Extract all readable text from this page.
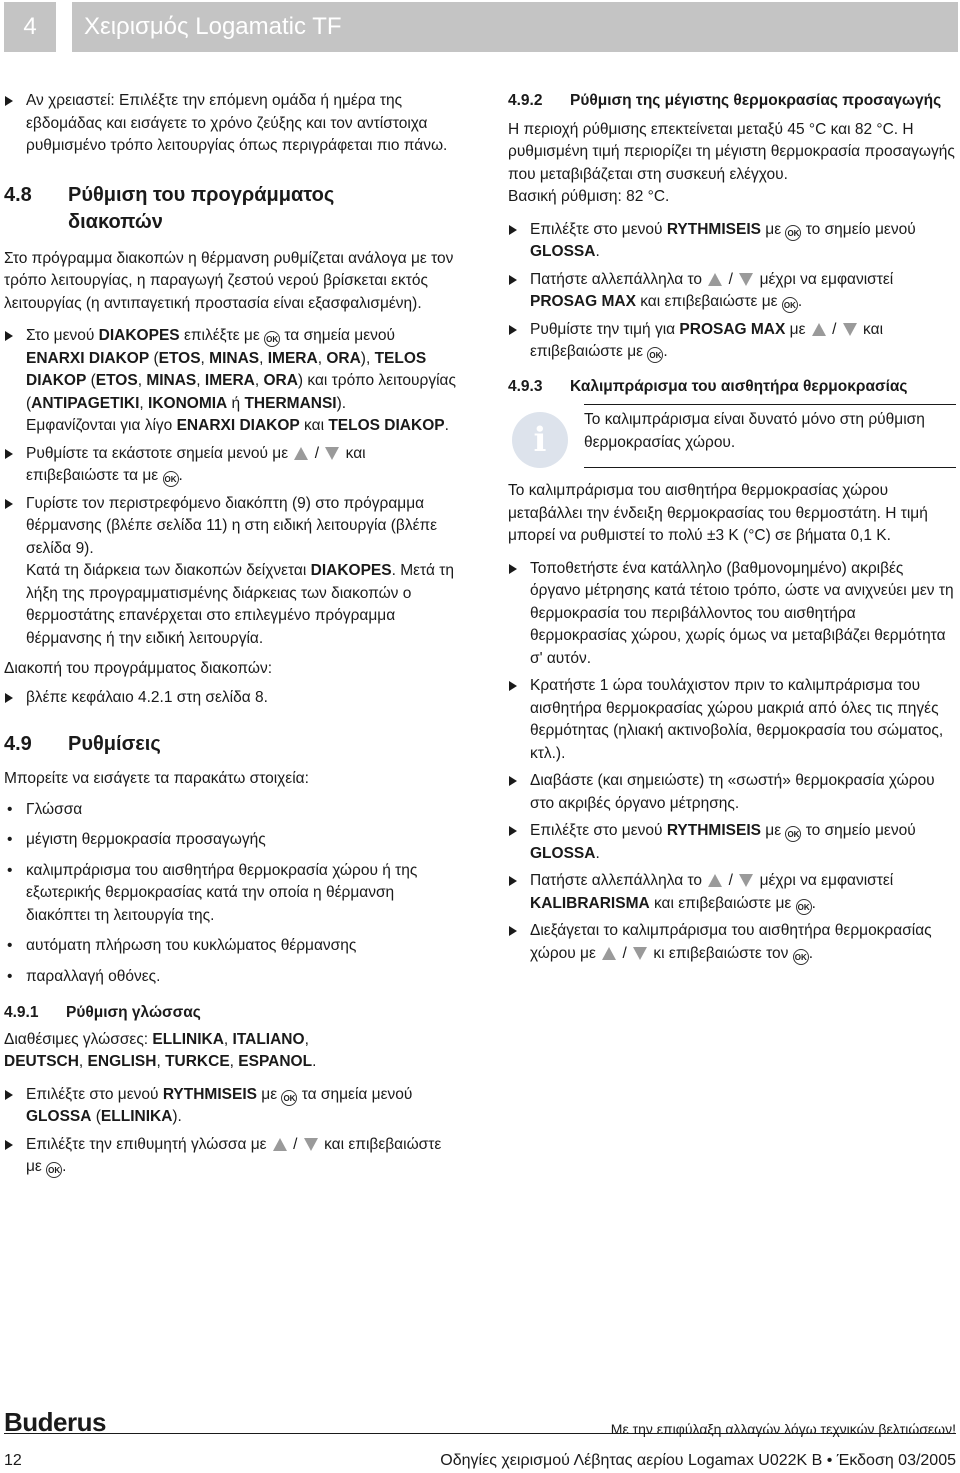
4	Χειρισμός Logamatic TF
Αν χρειαστεί: Επιλέξτε την επόμενη ομάδα ή ημέρα της εβδομάδας και εισάγετε το χρόνο ζεύξης και τον αντίστοιχα ρυθμισμένο τρόπο λειτουργίας όπως περιγράφεται πιο πάνω.
4.8 Ρύθμιση του προγράμματος διακοπών

Στο πρόγραμμα διακοπών η θέρμανση ρυθμίζεται ανάλογα με τον τρόπο λειτουργίας, η παραγωγή ζεστού νερού βρίσκεται εκτός λειτουργίας (η αντιπαγετική προστασία είναι εξασφαλισμένη).

Στο μενού DIAKOPES επιλέξτε με OK τα σημεία μενού ENARXI DIAKOP (ETOS, MINAS, IMERA, ORA), TELOS DIAKOP (ETOS, MINAS, IMERA, ORA) και τρόπο λειτουργίας (ANTIPAGETIKI, IKONOMIA ή THERMANSI).
Εμφανίζονται για λίγο ENARXI DIAKOP και TELOS DIAKOP.
Ρυθμίστε τα εκάστοτε σημεία μενού με  /  και επιβεβαιώστε τα με OK .
Γυρίστε τον περιστρεφόμενο διακόπτη (9) στο πρόγραμμα θέρμανσης (βλέπε σελίδα 11) η στη ειδική λειτουργία (βλέπε σελίδα 9).
Κατά τη διάρκεια των διακοπών δείχνεται DIAKOPES. Μετά τη λήξη της προγραμματισμένης διάρκειας των διακοπών ο θερμοστάτης επανέρχεται στο επιλεγμένο πρόγραμμα θέρμανσης ή την ειδική λειτουργία.

Διακοπή του προγράμματος διακοπών:

βλέπε κεφάλαιο 4.2.1 στη σελίδα 8.
4.9 Ρυθμίσεις

Μπορείτε να εισάγετε τα παρακάτω στοιχεία:

• Γλώσσα
• μέγιστη θερμοκρασία προσαγωγής
• καλιμπράρισμα του αισθητήρα θερμοκρασία χώρου ή της εξωτερικής θερμοκρασίας κατά την οποία η θέρμανση διακόπτει τη λειτουργία της.
• αυτόματη πλήρωση του κυκλώματος θέρμανσης
• παραλλαγή οθόνες.
4.9.1	Ρύθμιση γλώσσας

Διαθέσιμες γλώσσες: ELLINIKA, ITALIANO,
DEUTSCH, ENGLISH, TURKCE, ESPANOL.

Επιλέξτε στο μενού RYTHMISEIS με OK τα σημεία μενού GLOSSA (ELLINIKA).
Επιλέξτε την επιθυμητή γλώσσα με  /  και επιβεβαιώστε με OK .
4.9.2	Ρύθμιση της μέγιστης θερμοκρασίας προσαγωγής

Η περιοχή ρύθμισης επεκτείνεται μεταξύ 45 °C και 82 °C. Η ρυθμισμένη τιμή περιορίζει τη μέγιστη θερμοκρασία προσαγωγής που μεταβιβάζεται στη συσκευή ελέγχου.

Βασική ρύθμιση: 82 °C.

Επιλέξτε στο μενού RYTHMISEIS με OK το σημείο μενού GLOSSA.
Πατήστε αλλεπάλληλα το  /  μέχρι να εμφανιστεί PROSAG MAX και επιβεβαιώστε με OK .
Ρυθμίστε την τιμή για PROSAG MAX με  /  και επιβεβαιώστε με OK .
4.9.3	Καλιμπράρισμα του αισθητήρα θερμοκρασίας
i
Το καλιμπράρισμα είναι δυνατό μόνο στη ρύθμιση θερμοκρασίας χώρου.

Το καλιμπράρισμα του αισθητήρα θερμοκρασίας χώρου μεταβάλλει την ένδειξη θερμοκρασίας του θερμοστάτη. Η τιμή μπορεί να ρυθμιστεί το πολύ ±3 K (°C) σε βήματα 0,1 K.

Τοποθετήστε ένα κατάλληλο (βαθμονομημένο) ακριβές όργανο μέτρησης κατά τέτοιο τρόπο, ώστε να ανιχνεύει μεν τη θερμοκρασία του περιβάλλοντος του αισθητήρα θερμοκρασίας χώρου, χωρίς όμως να μεταβιβάζει θερμότητα σ' αυτόν.
Κρατήστε 1 ώρα τουλάχιστον πριν το καλιμπράρισμα του αισθητήρα θερμοκρασίας χώρου μακριά από όλες τις πηγές θερμότητας (ηλιακή ακτινοβολία, θερμοκρασία του σώματος, κτλ.).
Διαβάστε (και σημειώστε) τη «σωστή» θερμοκρασία χώρου στο ακριβές όργανο μέτρησης.
Επιλέξτε στο μενού RYTHMISEIS με OK το σημείο μενού GLOSSA.
Πατήστε αλλεπάλληλα το  /  μέχρι να εμφανιστεί KALIBRARISMA και επιβεβαιώστε με OK .
Διεξάγεται το καλιμπράρισμα του αισθητήρα θερμοκρασίας χώρου με  /  κι επιβεβαιώστε τον OK .
Buderus	Με την επιφύλαξη αλλαγών λόγω τεχνικών βελτιώσεων!
12	Οδηγίες χειρισμού Λέβητας αερίου Logamax U022K B • Έκδοση 03/2005
